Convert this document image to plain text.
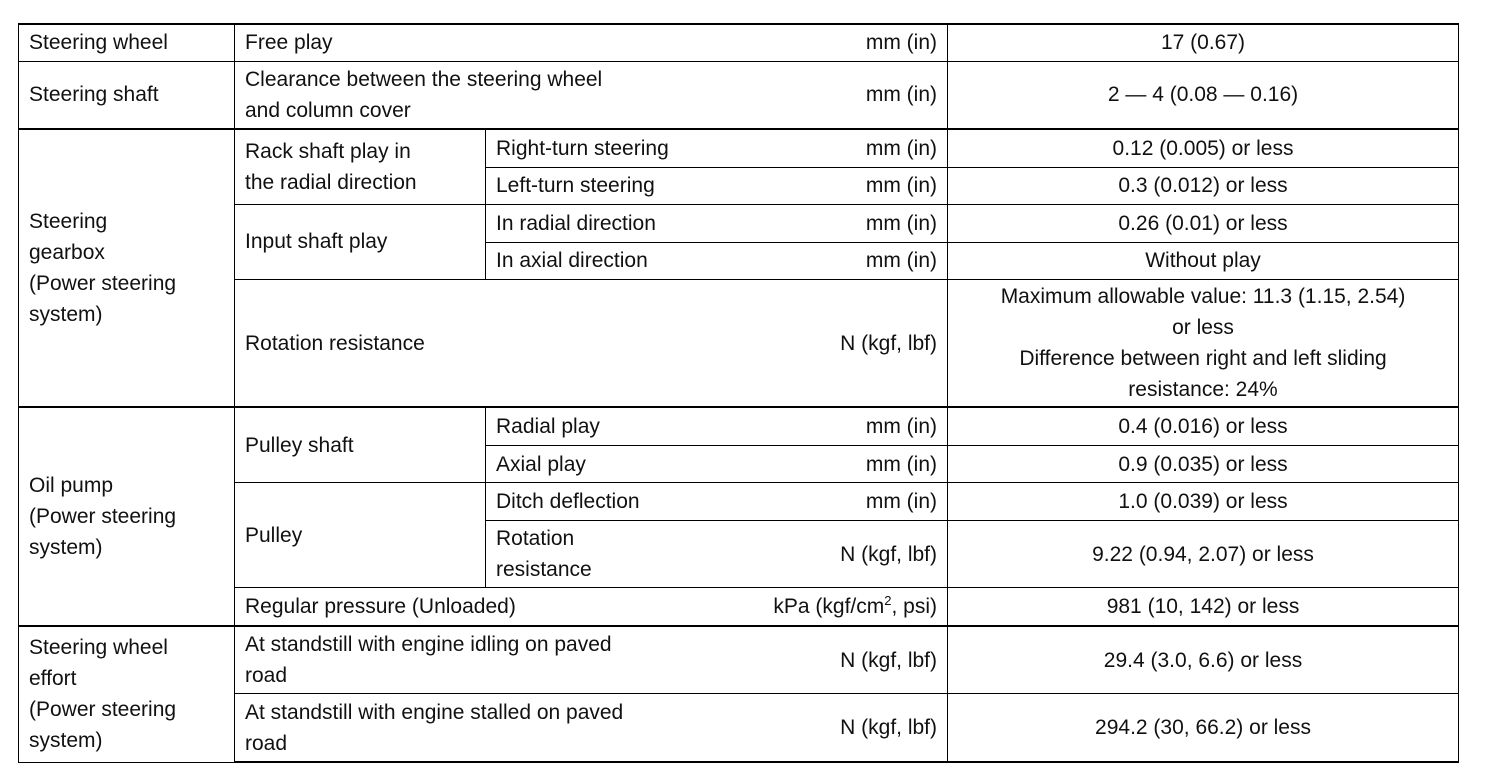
Steering wheel	Free play mm (in)		17 (0.67)
Steering shaft	Clearance between the steering wheel
and column cover
mm (in)		2 — 4 (0.08 — 0.16)
Steering
gearbox
(Power steering
system)	Rack shaft play in
the radial direction	Right-turn steering mm (in)	0.12 (0.005) or less

		Left-turn steering mm (in)	0.3 (0.012) or less
	Input shaft play	In radial direction mm (in)	0.26 (0.01) or less

		In axial direction mm (in)	Without play

	Rotation resistance N (kgf, lbf)		Maximum allowable value: 11.3 (1.15, 2.54)
or less
Difference between right and left sliding
resistance: 24%
Oil pump
(Power steering
system)	Pulley shaft	Radial play mm (in)	0.4 (0.016) or less

		Axial play mm (in)	0.9 (0.035) or less
	Pulley	Ditch deflection mm (in)	1.0 (0.039) or less

		Rotation
resistance
N (kgf, lbf)	9.22 (0.94, 2.07) or less

	Regular pressure (Unloaded) kPa ($kgf/cm^2$, psi)		981 (10, 142) or less
Steering wheel
effort
(Power steering
system)	At standstill with engine idling on paved
road
N (kgf, lbf)		29.4 (3.0, 6.6) or less

	At standstill with engine stalled on paved
road
N (kgf, lbf)		294.2 (30, 66.2) or less
